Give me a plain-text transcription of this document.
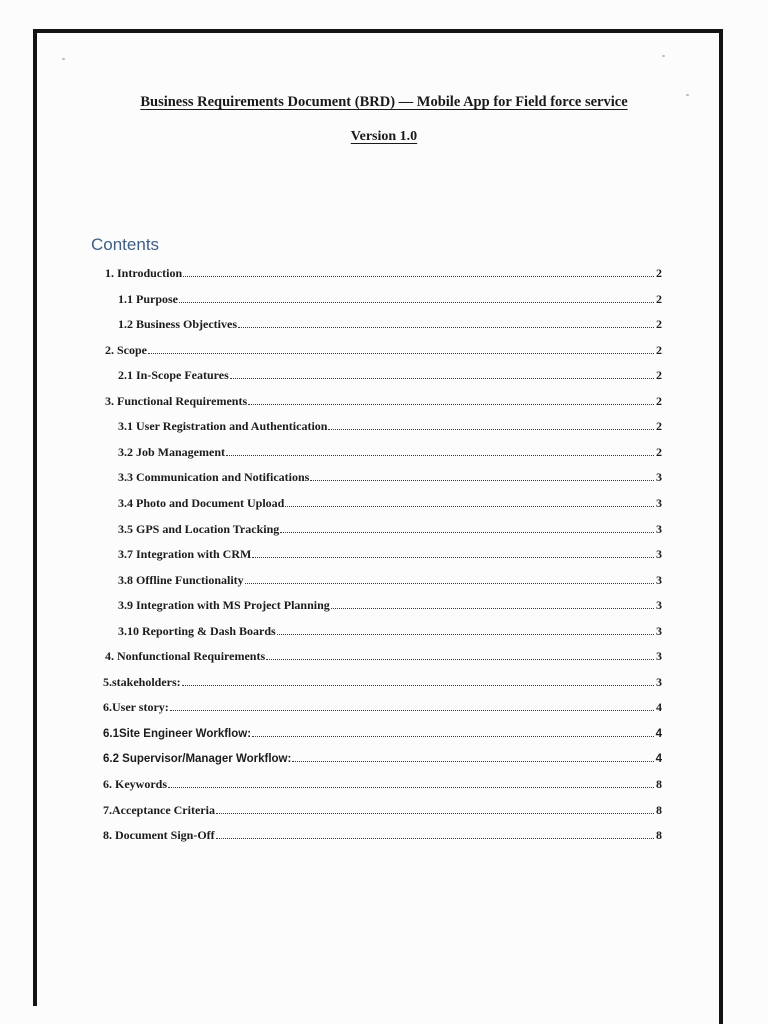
Business Requirements Document (BRD) — Mobile App for Field force service
Version 1.0
Contents
1. Introduction	2
1.1 Purpose	2
1.2 Business Objectives	2
2. Scope	2
2.1 In-Scope Features	2
3. Functional Requirements	2
3.1 User Registration and Authentication	2
3.2 Job Management	2
3.3 Communication and Notifications	3
3.4 Photo and Document Upload	3
3.5 GPS and Location Tracking	3
3.7 Integration with CRM	3
3.8 Offline Functionality	3
3.9 Integration with MS Project Planning	3
3.10 Reporting & Dash Boards	3
4. Nonfunctional Requirements	3
5.stakeholders:	3
6.User story:	4
6.1Site Engineer Workflow:	4
6.2 Supervisor/Manager Workflow:	4
6. Keywords	8
7.Acceptance Criteria	8
8. Document Sign-Off	8
